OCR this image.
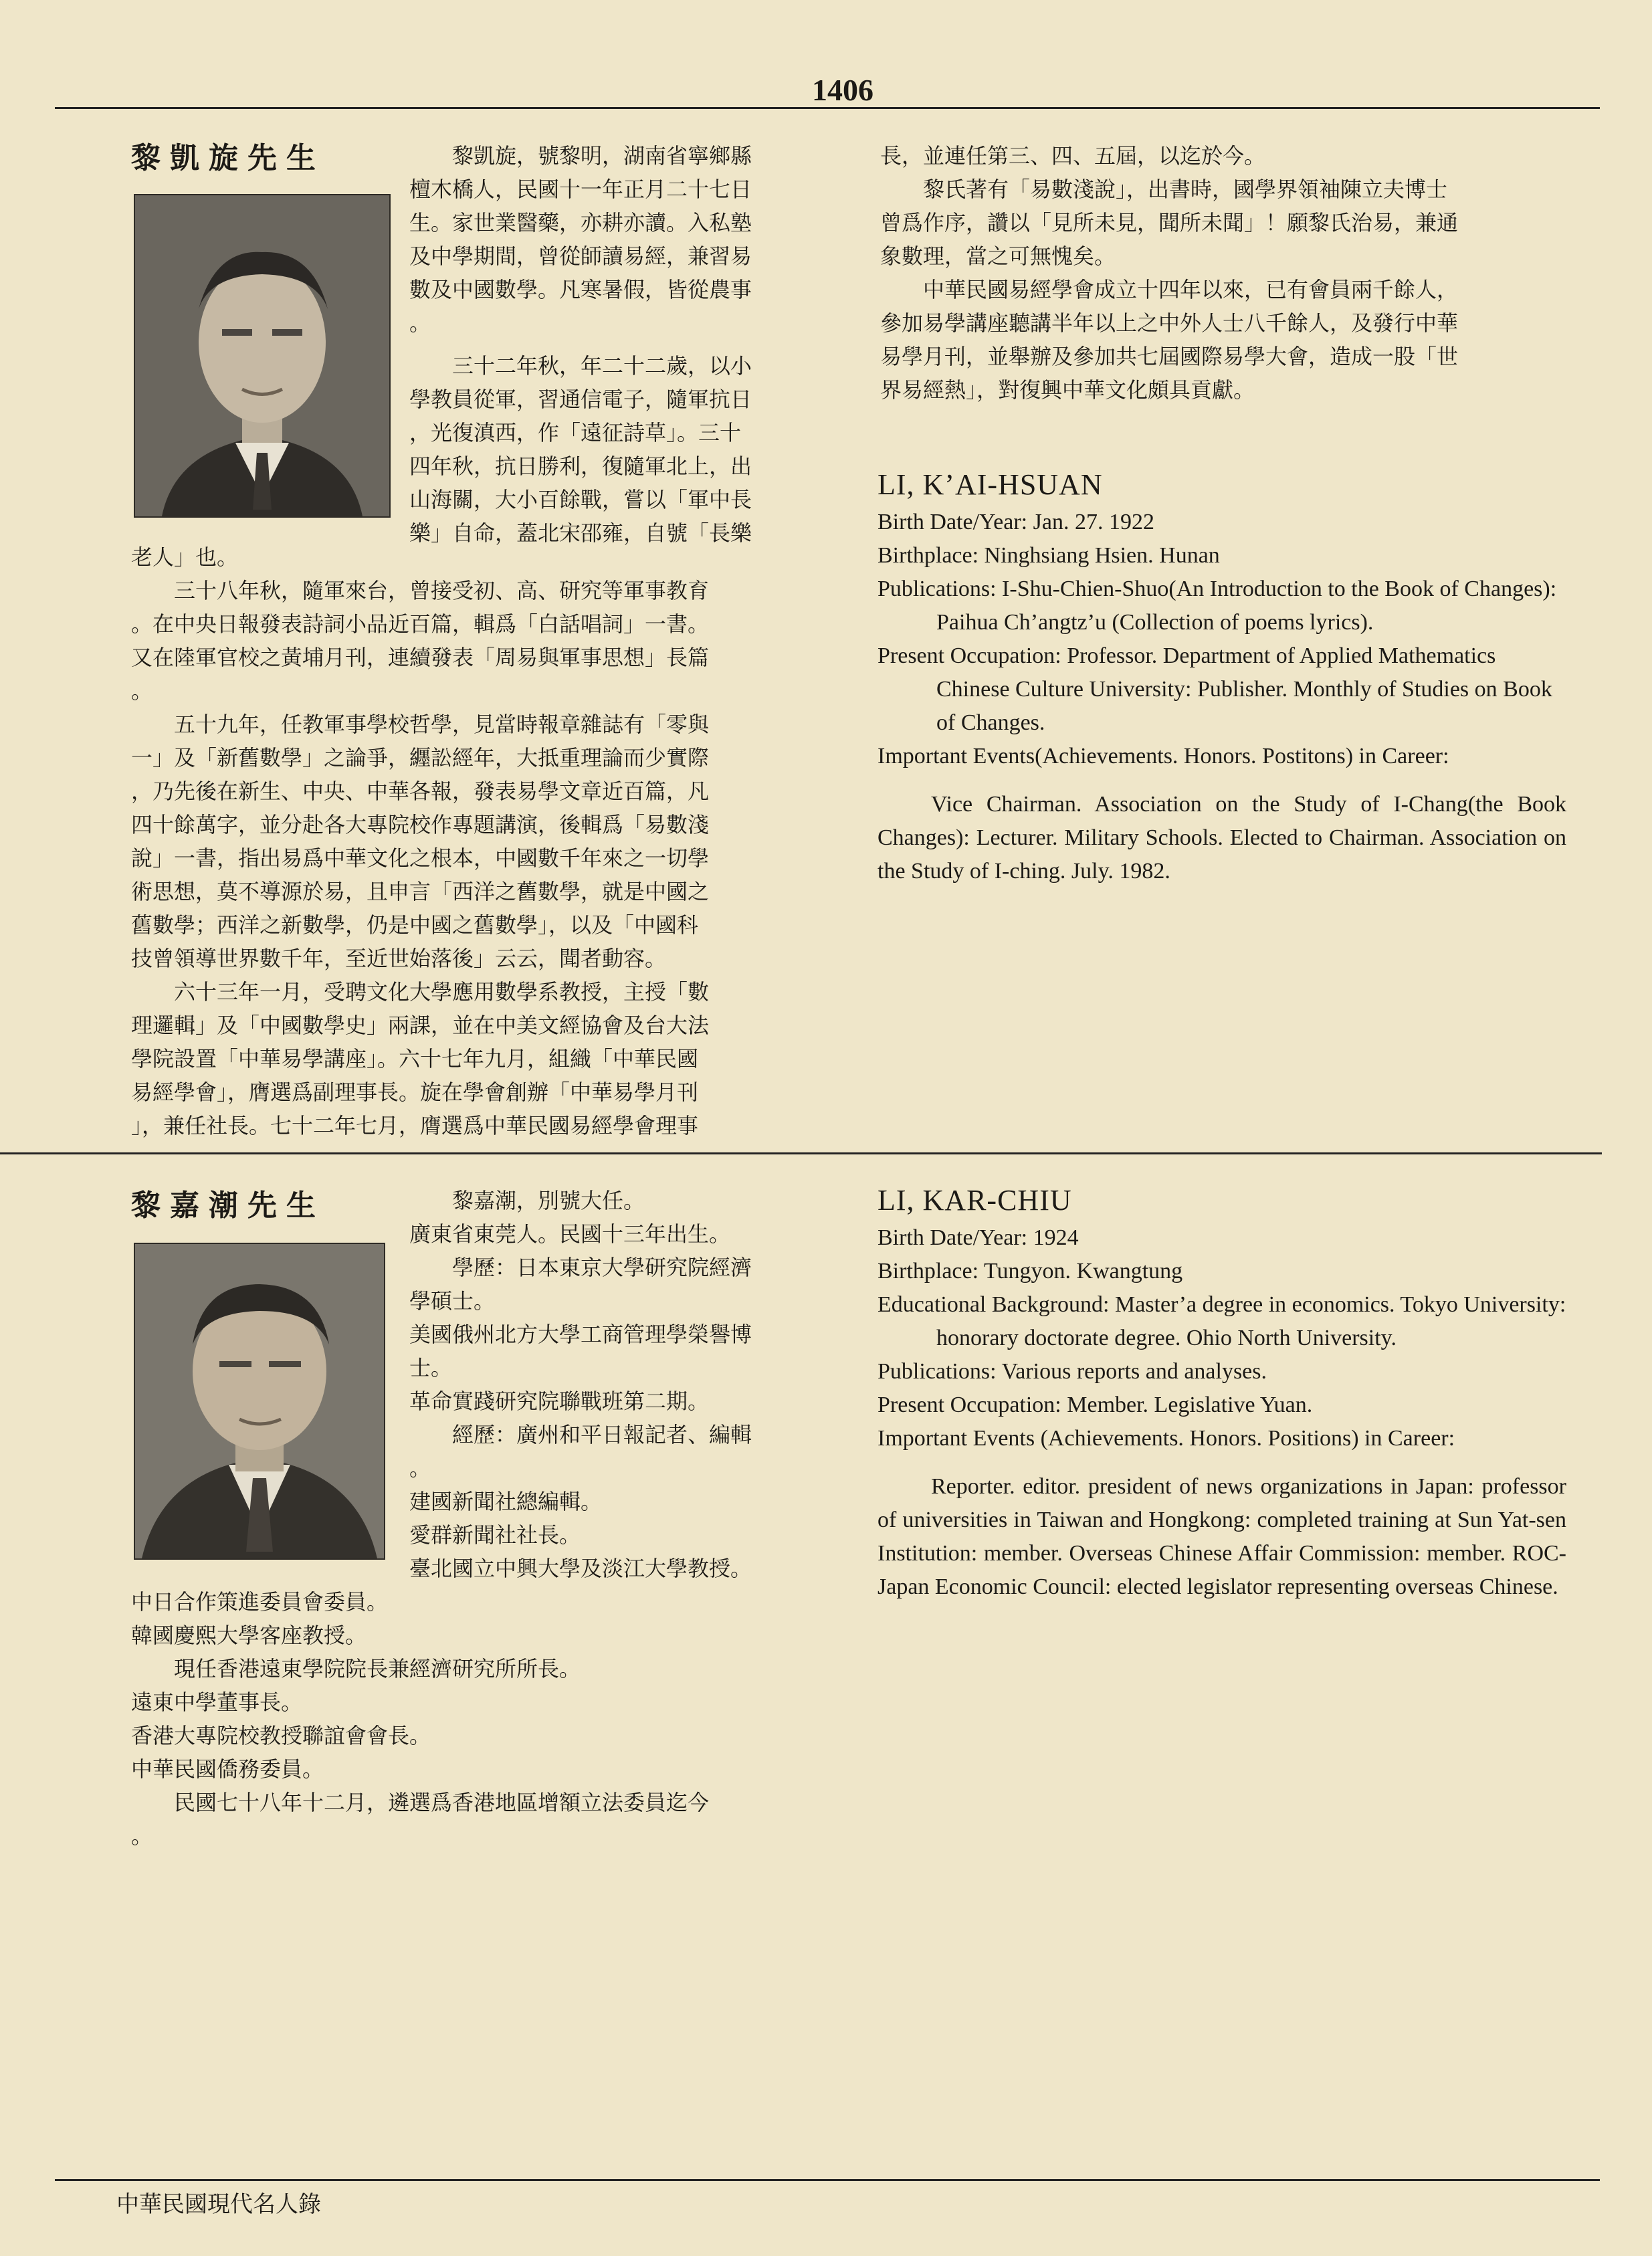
1406
黎凱旋先生	黎凱旋，號黎明，湖南省寧鄉縣

檀木橋人，民國十一年正月二十七日

生。家世業醫藥，亦耕亦讀。入私塾

及中學期間，曾從師讀易經，兼習易

數及中國數學。凡寒暑假，皆從農事

。

三十二年秋，年二十二歲，以小

學教員從軍，習通信電子，隨軍抗日

，光復滇西，作「遠征詩草」。三十

四年秋，抗日勝利，復隨軍北上，出

山海關，大小百餘戰，嘗以「軍中長

樂」自命，蓋北宋邵雍，自號「長樂

老人」也。

三十八年秋，隨軍來台，曾接受初、高、研究等軍事教育

。在中央日報發表詩詞小品近百篇，輯爲「白話唱詞」一書。

又在陸軍官校之黃埔月刊，連續發表「周易與軍事思想」長篇

。

五十九年，任教軍事學校哲學，見當時報章雜誌有「零與

一」及「新舊數學」之論爭，纒訟經年，大抵重理論而少實際

，乃先後在新生、中央、中華各報，發表易學文章近百篇，凡

四十餘萬字，並分赴各大專院校作專題講演，後輯爲「易數淺

說」一書，指出易爲中華文化之根本，中國數千年來之一切學

術思想，莫不導源於易，且申言「西洋之舊數學，就是中國之

舊數學；西洋之新數學，仍是中國之舊數學」，以及「中國科

技曾領導世界數千年，至近世始落後」云云，聞者動容。

六十三年一月，受聘文化大學應用數學系教授，主授「數

理邏輯」及「中國數學史」兩課，並在中美文經協會及台大法

學院設置「中華易學講座」。六十七年九月，組織「中華民國

易經學會」，膺選爲副理事長。旋在學會創辦「中華易學月刊

」，兼任社長。七十二年七月，膺選爲中華民國易經學會理事

長，並連任第三、四、五屆，以迄於今。

黎氏著有「易數淺說」，出書時，國學界領袖陳立夫博士

曾爲作序，讚以「見所未見，聞所未聞」！願黎氏治易，兼通

象數理，當之可無愧矣。

中華民國易經學會成立十四年以來，已有會員兩千餘人，

參加易學講座聽講半年以上之中外人士八千餘人，及發行中華

易學月刊，並舉辦及參加共七屆國際易學大會，造成一股「世

界易經熱」，對復興中華文化頗具貢獻。

LI, K’AI-HSUAN

Birth Date/Year: Jan. 27. 1922

Birthplace: Ninghsiang Hsien. Hunan

Publications: I-Shu-Chien-Shuo(An Introduction to the Book of Changes): Paihua Ch’angtz’u (Collection of poems lyrics).

Present Occupation: Professor. Department of Applied Mathematics Chinese Culture University: Publisher. Monthly of Studies on Book of Changes.

Important Events(Achievements. Honors. Postitons) in Career:

Vice Chairman. Association on the Study of I-Chang(the Book Changes): Lecturer. Military Schools. Elected to Chairman. Association on the Study of I-ching. July. 1982.

黎嘉潮先生	黎嘉潮，別號大任。

廣東省東莞人。民國十三年出生。

學歷：日本東京大學研究院經濟

學碩士。

美國俄州北方大學工商管理學榮譽博

士。

革命實踐研究院聯戰班第二期。

經歷：廣州和平日報記者、編輯

。

建國新聞社總編輯。

愛群新聞社社長。

臺北國立中興大學及淡江大學教授。

中日合作策進委員會委員。

韓國慶熙大學客座教授。

現任香港遠東學院院長兼經濟研究所所長。

遠東中學董事長。

香港大專院校教授聯誼會會長。

中華民國僑務委員。

民國七十八年十二月，遴選爲香港地區增額立法委員迄今

。

LI, KAR-CHIU

Birth Date/Year: 1924

Birthplace: Tungyon. Kwangtung

Educational Background: Master’a degree in economics. Tokyo University: honorary doctorate degree. Ohio North University.

Publications: Various reports and analyses.

Present Occupation: Member. Legislative Yuan.

Important Events (Achievements. Honors. Positions) in Career:

Reporter. editor. president of news organizations in Japan: professor of universities in Taiwan and Hongkong: completed training at Sun Yat-sen Institution: member. Overseas Chinese Affair Commission: member. ROC-Japan Economic Council: elected legislator representing overseas Chinese.

中華民國現代名人錄
